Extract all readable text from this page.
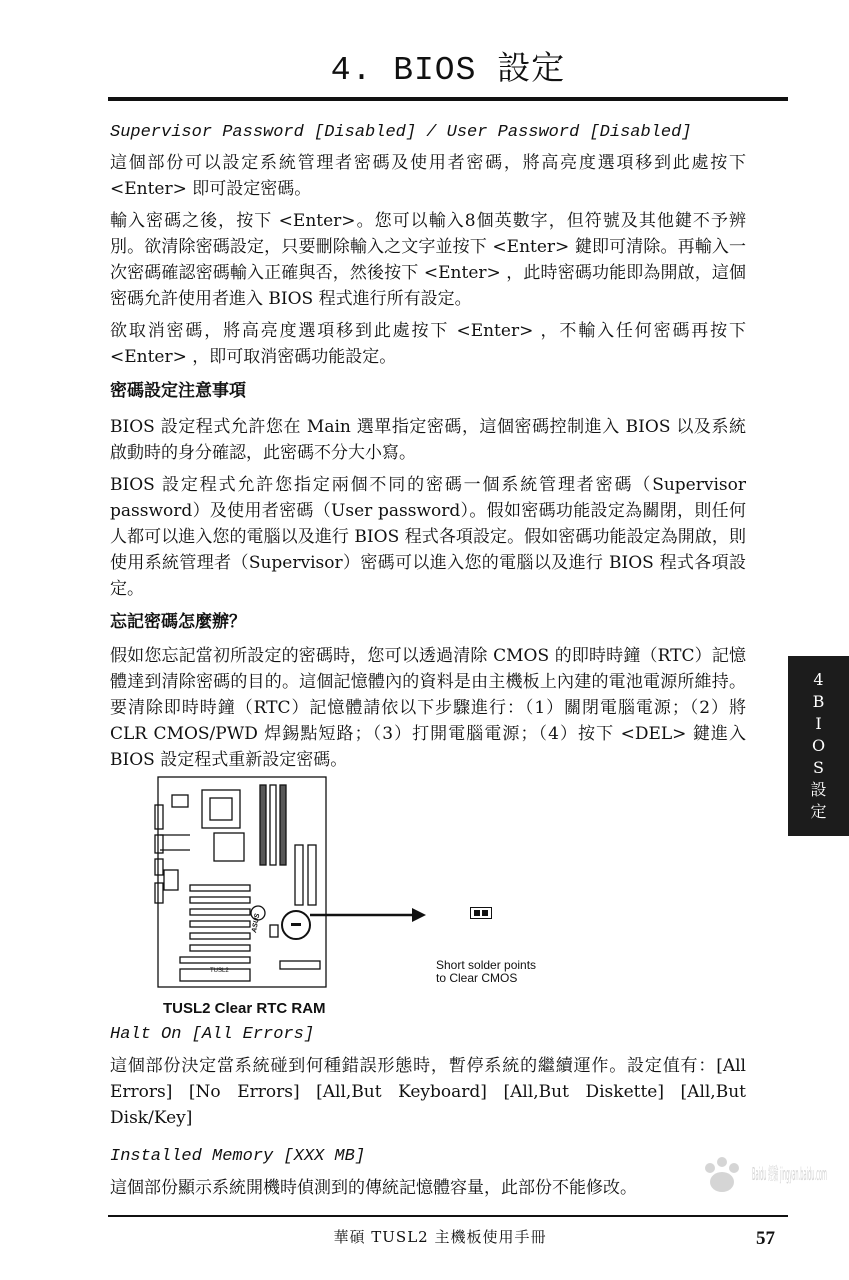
4. BIOS 設定
Supervisor Password [Disabled] / User Password [Disabled]

這個部份可以設定系統管理者密碼及使用者密碼，將高亮度選項移到此處按下 <Enter> 即可設定密碼。

輸入密碼之後，按下 <Enter>。您可以輸入8個英數字，但符號及其他鍵不予辨別。欲清除密碼設定，只要刪除輸入之文字並按下 <Enter> 鍵即可清除。再輸入一次密碼確認密碼輸入正確與否，然後按下 <Enter> ，此時密碼功能即為開啟，這個密碼允許使用者進入 BIOS 程式進行所有設定。

欲取消密碼，將高亮度選項移到此處按下 <Enter> ，不輸入任何密碼再按下<Enter> ，即可取消密碼功能設定。

密碼設定注意事項

BIOS 設定程式允許您在 Main 選單指定密碼，這個密碼控制進入 BIOS 以及系統啟動時的身分確認，此密碼不分大小寫。

BIOS 設定程式允許您指定兩個不同的密碼一個系統管理者密碼（Supervisor password）及使用者密碼（User password）。假如密碼功能設定為關閉，則任何人都可以進入您的電腦以及進行 BIOS 程式各項設定。假如密碼功能設定為開啟，則使用系統管理者（Supervisor）密碼可以進入您的電腦以及進行 BIOS 程式各項設定。

忘記密碼怎麼辦？

假如您忘記當初所設定的密碼時，您可以透過清除 CMOS 的即時時鐘（RTC）記憶體達到清除密碼的目的。這個記憶體內的資料是由主機板上內建的電池電源所維持。要清除即時時鐘（RTC）記憶體請依以下步驟進行：（1）關閉電腦電源；（2）將 CLR CMOS/PWD 焊錫點短路；（3）打開電腦電源；（4）按下 <DEL> 鍵進入 BIOS 設定程式重新設定密碼。

4
B
I
O
S
設
定
TUSL2
ASUS
Short solder points
to Clear CMOS
TUSL2 Clear RTC RAM
Halt On [All Errors]

這個部份決定當系統碰到何種錯誤形態時，暫停系統的繼續運作。設定值有：[All Errors] [No Errors] [All,But Keyboard] [All,But Diskette] [All,But Disk/Key]

Installed Memory [XXX MB]

這個部份顯示系統開機時偵測到的傳統記憶體容量，此部份不能修改。

Baidu 經驗 jingyan.baidu.com
華碩 TUSL2 主機板使用手冊	57
